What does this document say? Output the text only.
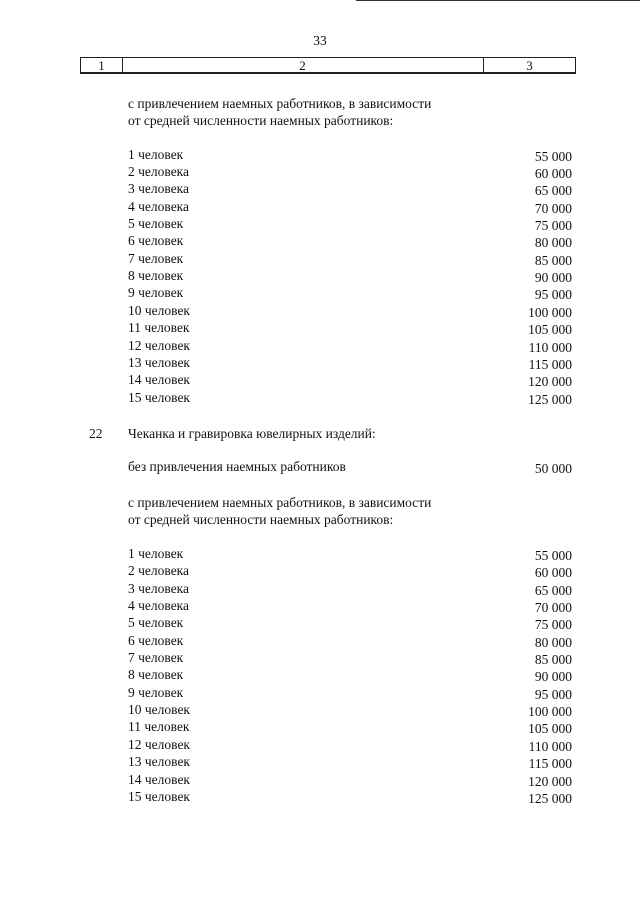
33
1	2	3
с привлечением наемных работников, в зависимости
от средней численности наемных работников:
1 человек	55 000
2 человека	60 000
3 человека	65 000
4 человека	70 000
5 человек	75 000
6 человек	80 000
7 человек	85 000
8 человек	90 000
9 человек	95 000
10 человек	100 000
11 человек	105 000
12 человек	110 000
13 человек	115 000
14 человек	120 000
15 человек	125 000
22 Чеканка и гравировка ювелирных изделий:
без привлечения наемных работников	50 000
с привлечением наемных работников, в зависимости
от средней численности наемных работников:
1 человек	55 000
2 человека	60 000
3 человека	65 000
4 человека	70 000
5 человек	75 000
6 человек	80 000
7 человек	85 000
8 человек	90 000
9 человек	95 000
10 человек	100 000
11 человек	105 000
12 человек	110 000
13 человек	115 000
14 человек	120 000
15 человек	125 000
